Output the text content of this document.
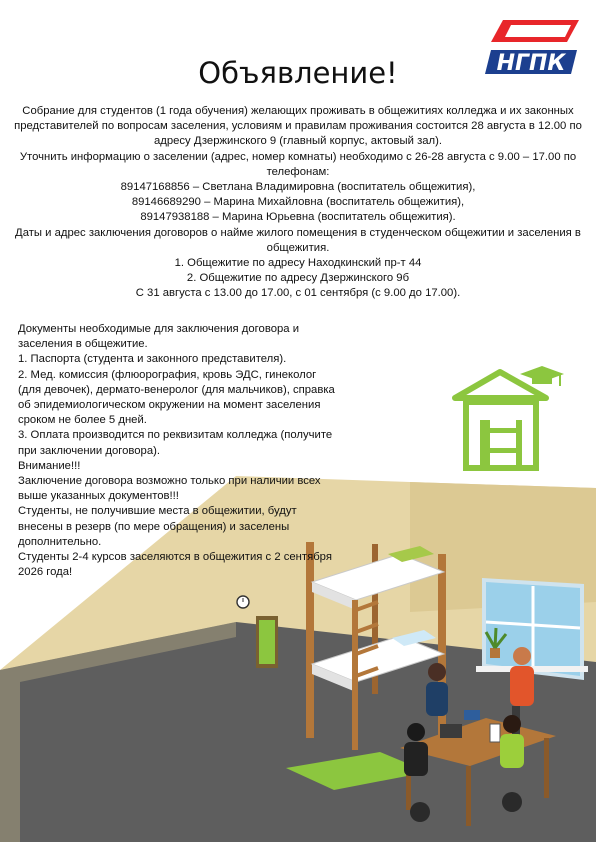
НГПК
Объявление!

Собрание для студентов (1 года обучения) желающих проживать в общежитиях колледжа и их законных представителей по вопросам заселения, условиям и правилам проживания состоится 28 августа в 12.00 по адресу Дзержинского 9 (главный корпус, актовый зал).

Уточнить информацию о заселении (адрес, номер комнаты) необходимо с 26-28 августа с 9.00 – 17.00 по телефонам:

89147168856 – Светлана Владимировна (воспитатель общежития),

89146689290 – Марина Михайловна (воспитатель общежития),

89147938188 – Марина Юрьевна (воспитатель общежития).

Даты и адрес заключения договоров о найме жилого помещения в студенческом общежитии и заселения в общежития.

1. Общежитие по адресу Находкинский пр-т 44

2. Общежитие по адресу Дзержинского 9б

С 31 августа с 13.00 до 17.00, с 01 сентября (с 9.00 до 17.00).

Документы необходимые для заключения договора и заселения в общежитие.

1. Паспорта (студента и законного представителя).

2. Мед. комиссия (флюорография, кровь ЭДС, гинеколог (для девочек), дермато-венеролог (для мальчиков), справка об эпидемиологическом окружении на момент заселения сроком не более 5 дней.

3. Оплата производится по реквизитам колледжа (получите при заключении договора).

Внимание!!!

Заключение договора возможно только при наличии всех выше указанных документов!!!

Студенты, не получившие места в общежитии, будут внесены в резерв (по мере обращения) и заселены дополнительно.

Студенты 2-4 курсов заселяются в общежития с 2 сентября 2026 года!
